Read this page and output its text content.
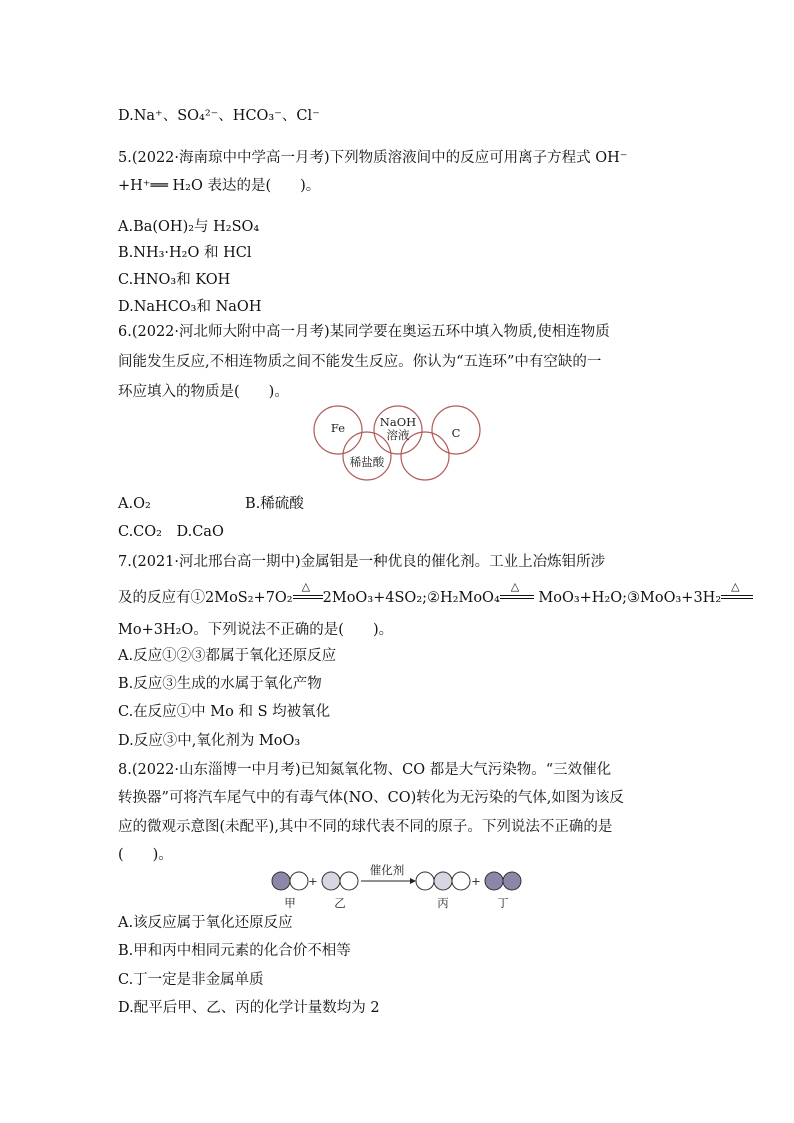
D.Na⁺、SO₄²⁻、HCO₃⁻、Cl⁻
5.(2022·海南琼中中学高一月考)下列物质溶液间中的反应可用离子方程式 OH⁻
+H⁺══ H₂O 表达的是(　　)。
A.Ba(OH)₂与 H₂SO₄
B.NH₃·H₂O 和 HCl
C.HNO₃和 KOH
D.NaHCO₃和 NaOH
6.(2022·河北师大附中高一月考)某同学要在奥运五环中填入物质,使相连物质
间能发生反应,不相连物质之间不能发生反应。你认为“五连环”中有空缺的一
环应填入的物质是(　　)。
Fe	NaOH
溶液	C
稀盐酸
A.O₂	B.稀硫酸
C.CO₂　D.CaO
7.(2021·河北邢台高一期中)金属钼是一种优良的催化剂。工业上冶炼钼所涉
及的反应有①2MoS₂+7O₂
△
2MoO₃+4SO₂;②H₂MoO₄
△
MoO₃+H₂O;③MoO₃+3H₂
△
Mo+3H₂O。下列说法不正确的是(　　)。
A.反应①②③都属于氧化还原反应
B.反应③生成的水属于氧化产物
C.在反应①中 Mo 和 S 均被氧化
D.反应③中,氧化剂为 MoO₃
8.(2022·山东淄博一中月考)已知氮氧化物、CO 都是大气污染物。“三效催化
转换器”可将汽车尾气中的有毒气体(NO、CO)转化为无污染的气体,如图为该反
应的微观示意图(未配平),其中不同的球代表不同的原子。下列说法不正确的是
(　　)。
+
催化剂
+
甲	乙	丙	丁
A.该反应属于氧化还原反应
B.甲和丙中相同元素的化合价不相等
C.丁一定是非金属单质
D.配平后甲、乙、丙的化学计量数均为 2
